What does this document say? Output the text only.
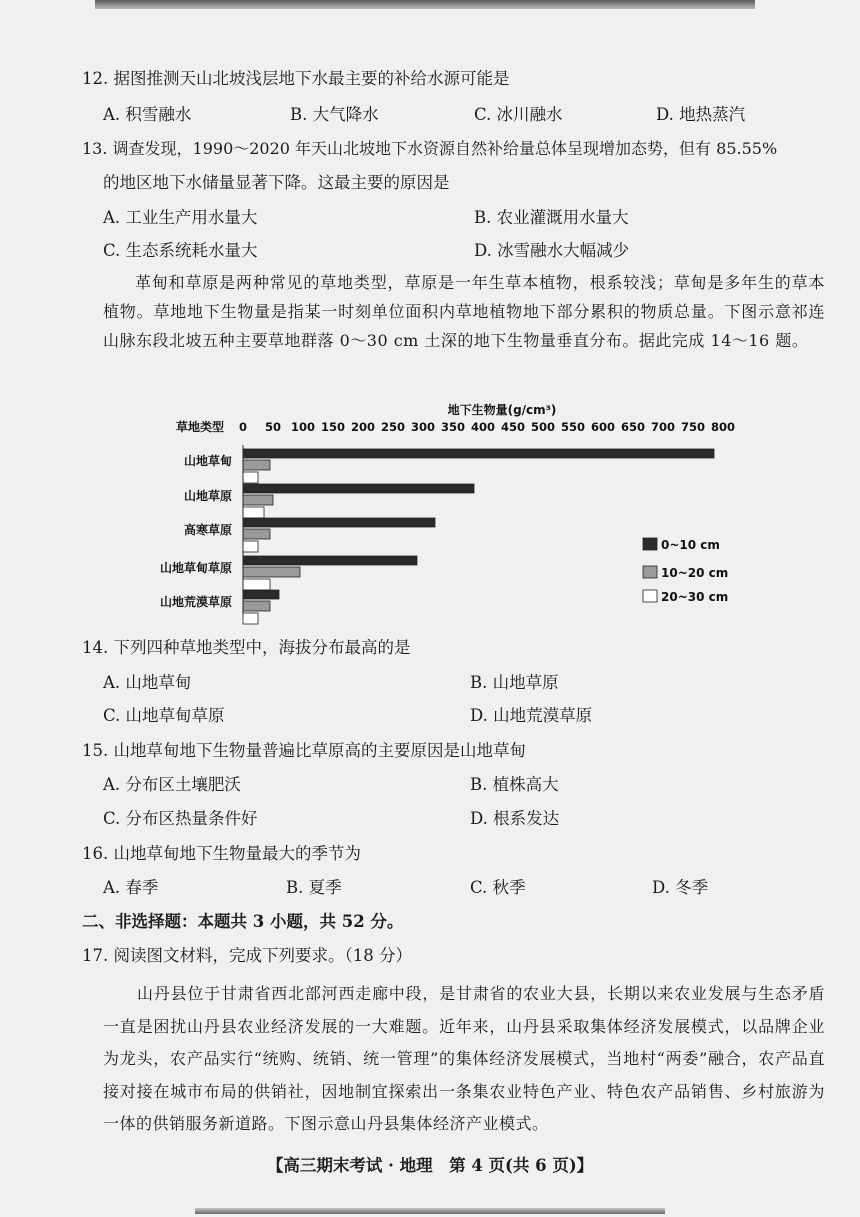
12. 据图推测天山北坡浅层地下水最主要的补给水源可能是
A. 积雪融水	B. 大气降水	C. 冰川融水	D. 地热蒸汽
13. 调查发现，1990～2020 年天山北坡地下水资源自然补给量总体呈现增加态势，但有 85.55%
的地区地下水储量显著下降。这最主要的原因是
A. 工业生产用水量大	B. 农业灌溉用水量大
C. 生态系统耗水量大	D. 冰雪融水大幅减少
革甸和草原是两种常见的草地类型，草原是一年生草本植物，根系较浅；草甸是多年生的草本植物。草地地下生物量是指某一时刻单位面积内草地植物地下部分累积的物质总量。下图示意祁连山脉东段北坡五种主要草地群落 0～30 cm 土深的地下生物量垂直分布。据此完成 14～16 题。
地下生物量(g/cm³)
草地类型 0 50 100 150 200 250 300 350 400 450 500 550 600 650 700 750 800
山地草甸
山地草原
高寒草原
山地草甸草原
山地荒漠草原
0~10 cm
10~20 cm
20~30 cm
14. 下列四种草地类型中，海拔分布最高的是
A. 山地草甸	B. 山地草原
C. 山地草甸草原	D. 山地荒漠草原
15. 山地草甸地下生物量普遍比草原高的主要原因是山地草甸
A. 分布区土壤肥沃	B. 植株高大
C. 分布区热量条件好	D. 根系发达
16. 山地草甸地下生物量最大的季节为
A. 春季	B. 夏季	C. 秋季	D. 冬季
二、非选择题：本题共 3 小题，共 52 分。
17. 阅读图文材料，完成下列要求。（18 分）
山丹县位于甘肃省西北部河西走廊中段，是甘肃省的农业大县，长期以来农业发展与生态矛盾一直是困扰山丹县农业经济发展的一大难题。近年来，山丹县采取集体经济发展模式，以品牌企业为龙头，农产品实行“统购、统销、统一管理”的集体经济发展模式，当地村“两委”融合，农产品直接对接在城市布局的供销社，因地制宜探索出一条集农业特色产业、特色农产品销售、乡村旅游为一体的供销服务新道路。下图示意山丹县集体经济产业模式。
【高三期末考试 · 地理　第 4 页(共 6 页)】
